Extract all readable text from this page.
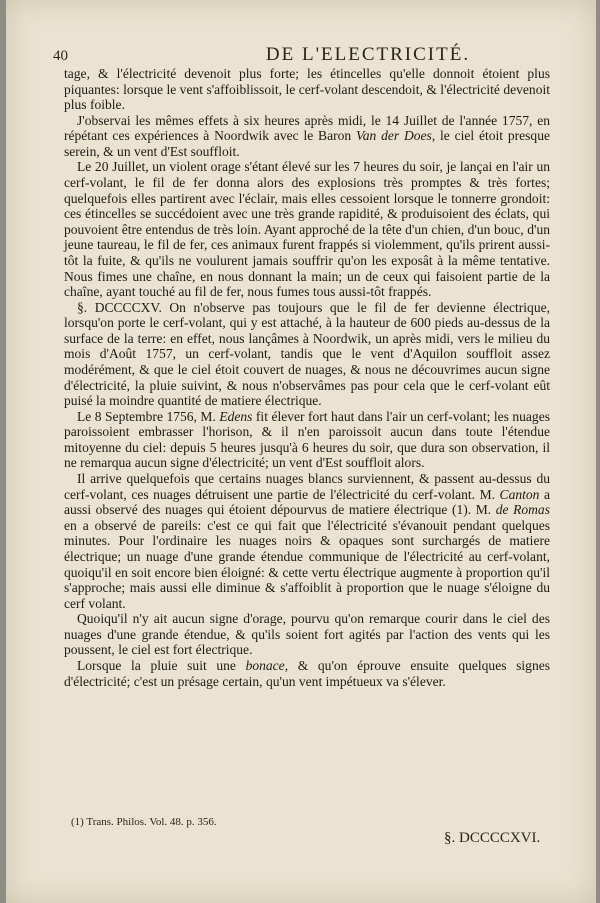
40	DE L'ELECTRICITÉ.

tage, & l'électricité devenoit plus forte; les étincelles qu'elle donnoit étoient plus piquantes: lorsque le vent s'affoiblissoit, le cerf-volant descendoit, & l'électricité devenoit plus foible.

J'observai les mêmes effets à six heures après midi, le 14 Juillet de l'année 1757, en répétant ces expériences à Noordwik avec le Baron Van der Does, le ciel étoit presque serein, & un vent d'Est souffloit.

Le 20 Juillet, un violent orage s'étant élevé sur les 7 heures du soir, je lançai en l'air un cerf-volant, le fil de fer donna alors des explosions très promptes & très fortes; quelquefois elles partirent avec l'éclair, mais elles cessoient lorsque le tonnerre grondoit: ces étincelles se succédoient avec une très grande rapidité, & produisoient des éclats, qui pouvoient être entendus de très loin. Ayant approché de la tête d'un chien, d'un bouc, d'un jeune taureau, le fil de fer, ces animaux furent frappés si violemment, qu'ils prirent aussi-tôt la fuite, & qu'ils ne voulurent jamais souffrir qu'on les exposât à la même tentative. Nous fimes une chaîne, en nous donnant la main; un de ceux qui faisoient partie de la chaîne, ayant touché au fil de fer, nous fumes tous aussi-tôt frappés.

§. DCCCCXV. On n'observe pas toujours que le fil de fer devienne électrique, lorsqu'on porte le cerf-volant, qui y est attaché, à la hauteur de 600 pieds au-dessus de la surface de la terre: en effet, nous lançâmes à Noordwik, un après midi, vers le milieu du mois d'Août 1757, un cerf-volant, tandis que le vent d'Aquilon souffloit assez modérément, & que le ciel étoit couvert de nuages, & nous ne découvrimes aucun signe d'électricité, la pluie suivint, & nous n'observâmes pas pour cela que le cerf-volant eût puisé la moindre quantité de matiere électrique.

Le 8 Septembre 1756, M. Edens fit élever fort haut dans l'air un cerf-volant; les nuages paroissoient embrasser l'horison, & il n'en paroissoit aucun dans toute l'étendue mitoyenne du ciel: depuis 5 heures jusqu'à 6 heures du soir, que dura son observation, il ne remarqua aucun signe d'électricité; un vent d'Est souffloit alors.

Il arrive quelquefois que certains nuages blancs surviennent, & passent au-dessus du cerf-volant, ces nuages détruisent une partie de l'électricité du cerf-volant. M. Canton a aussi observé des nuages qui étoient dépourvus de matiere électrique (1). M. de Romas en a observé de pareils: c'est ce qui fait que l'électricité s'évanouit pendant quelques minutes. Pour l'ordinaire les nuages noirs & opaques sont surchargés de matiere électrique; un nuage d'une grande étendue communique de l'électricité au cerf-volant, quoiqu'il en soit encore bien éloigné: & cette vertu électrique augmente à proportion qu'il s'approche; mais aussi elle diminue & s'affoiblit à proportion que le nuage s'éloigne du cerf volant.

Quoiqu'il n'y ait aucun signe d'orage, pourvu qu'on remarque courir dans le ciel des nuages d'une grande étendue, & qu'ils soient fort agités par l'action des vents qui les poussent, le ciel est fort électrique.

Lorsque la pluie suit une bonace, & qu'on éprouve ensuite quelques signes d'électricité; c'est un présage certain, qu'un vent impétueux va s'élever.

(1) Trans. Philos. Vol. 48. p. 356.
§. DCCCCXVI.
